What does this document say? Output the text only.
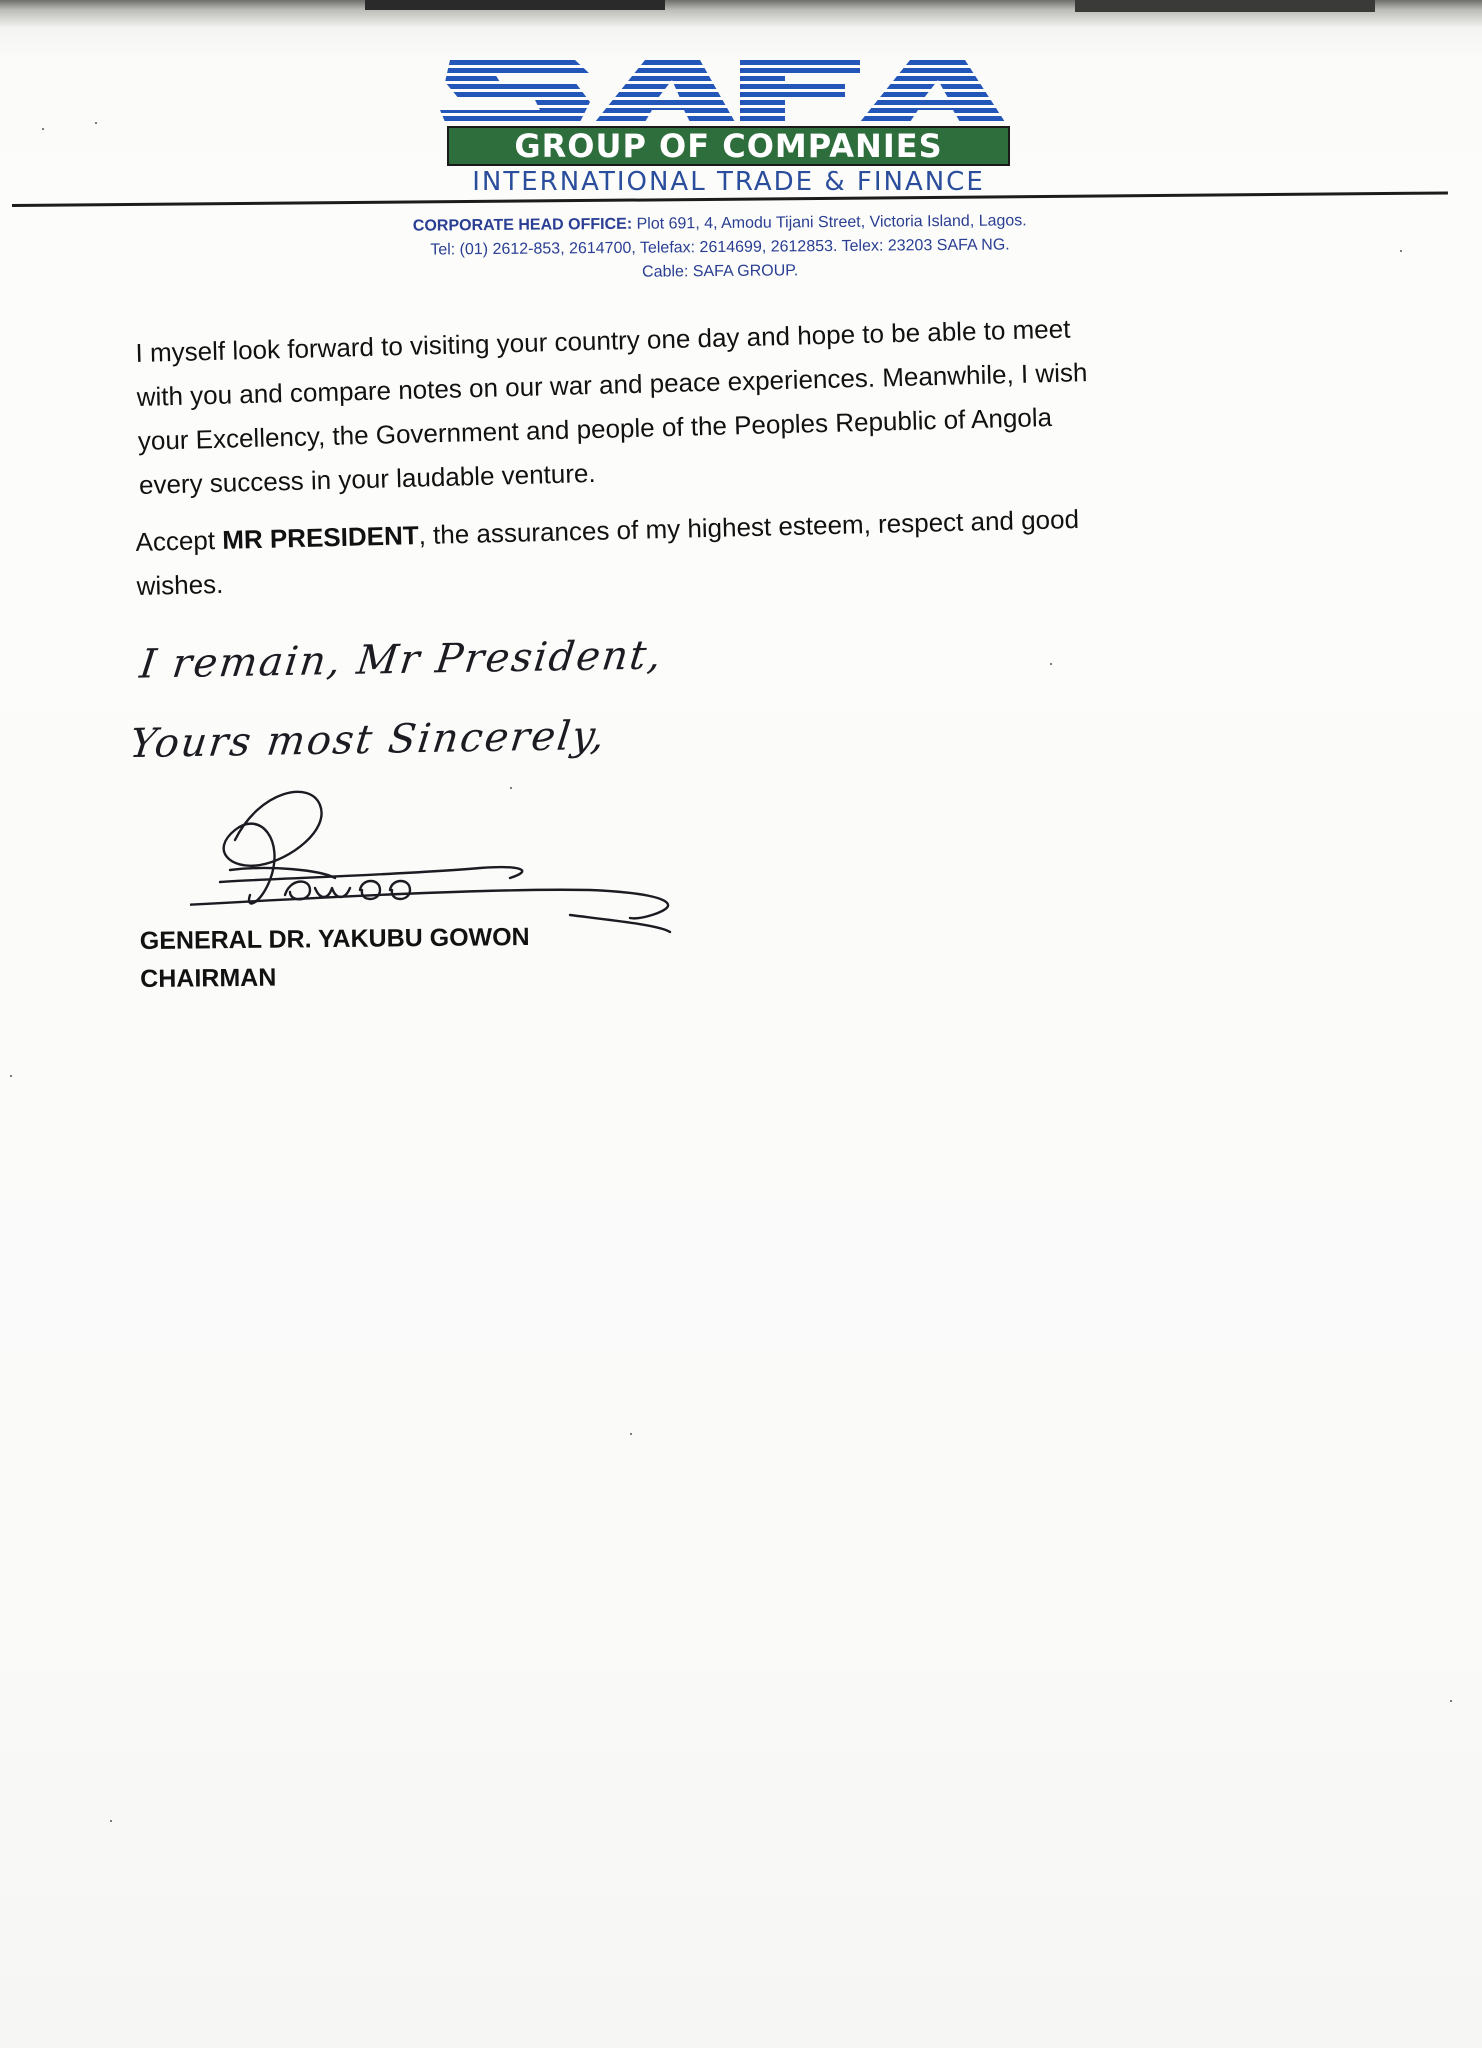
GROUP OF COMPANIES
INTERNATIONAL TRADE & FINANCE
CORPORATE HEAD OFFICE: Plot 691, 4, Amodu Tijani Street, Victoria Island, Lagos.
Tel: (01) 2612-853, 2614700, Telefax: 2614699, 2612853. Telex: 23203 SAFA NG.
Cable: SAFA GROUP.
I myself look forward to visiting your country one day and hope to be able to meet
with you and compare notes on our war and peace experiences. Meanwhile, I wish
your Excellency, the Government and people of the Peoples Republic of Angola
every success in your laudable venture.
Accept MR PRESIDENT, the assurances of my highest esteem, respect and good
wishes.
I remain, Mr President,
Yours most Sincerely,
GENERAL DR. YAKUBU GOWON
CHAIRMAN
